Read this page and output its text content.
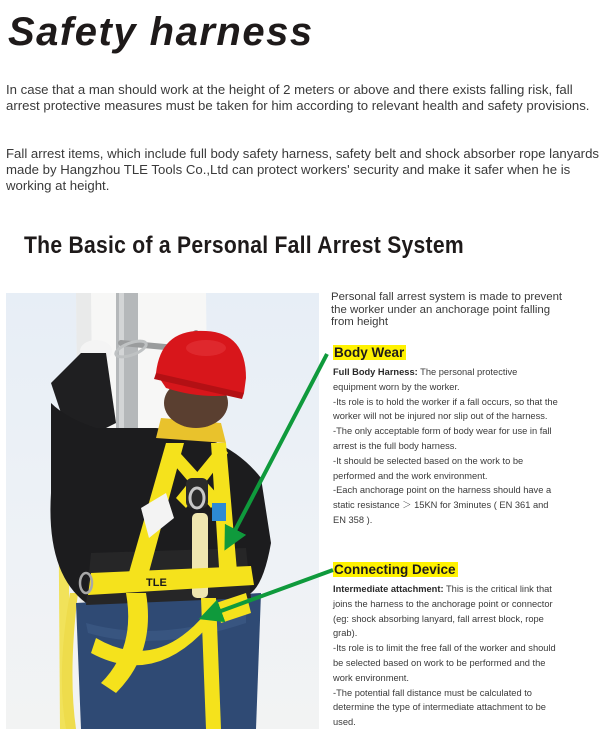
Safety harness

In case that a man should work at the height of 2 meters or above and there exists falling risk, fall arrest protective measures must be taken for him according to relevant health and safety provisions.

Fall arrest items, which include full body safety harness, safety belt and shock absorber rope lanyards made by Hangzhou TLE Tools Co.,Ltd can protect workers' security and make it safer when he is working at height.

The Basic of a Personal Fall Arrest System
TLE

Personal fall arrest system is made to prevent the worker under an anchorage point falling from height

Body Wear

Full Body Harness: The personal protective equipment worn by the worker.
-Its role is to hold the worker if a fall occurs, so that the worker will not be injured nor slip out of the harness.
-The only acceptable form of body wear for use in fall arrest is the full body harness.
-It should be selected based on the work to be performed and the work environment.
-Each anchorage point on the harness should have a static resistance ＞ 15KN for 3minutes ( EN 361 and EN 358 ).

Connecting Device

Intermediate attachment: This is the critical link that joins the harness to the anchorage point or connector (eg: shock absorbing lanyard, fall arrest block, rope grab).
-Its role is to limit the free fall of the worker and should be selected based on work to be performed and the work environment.
-The potential fall distance must be calculated to determine the type of intermediate attachment to be used.
